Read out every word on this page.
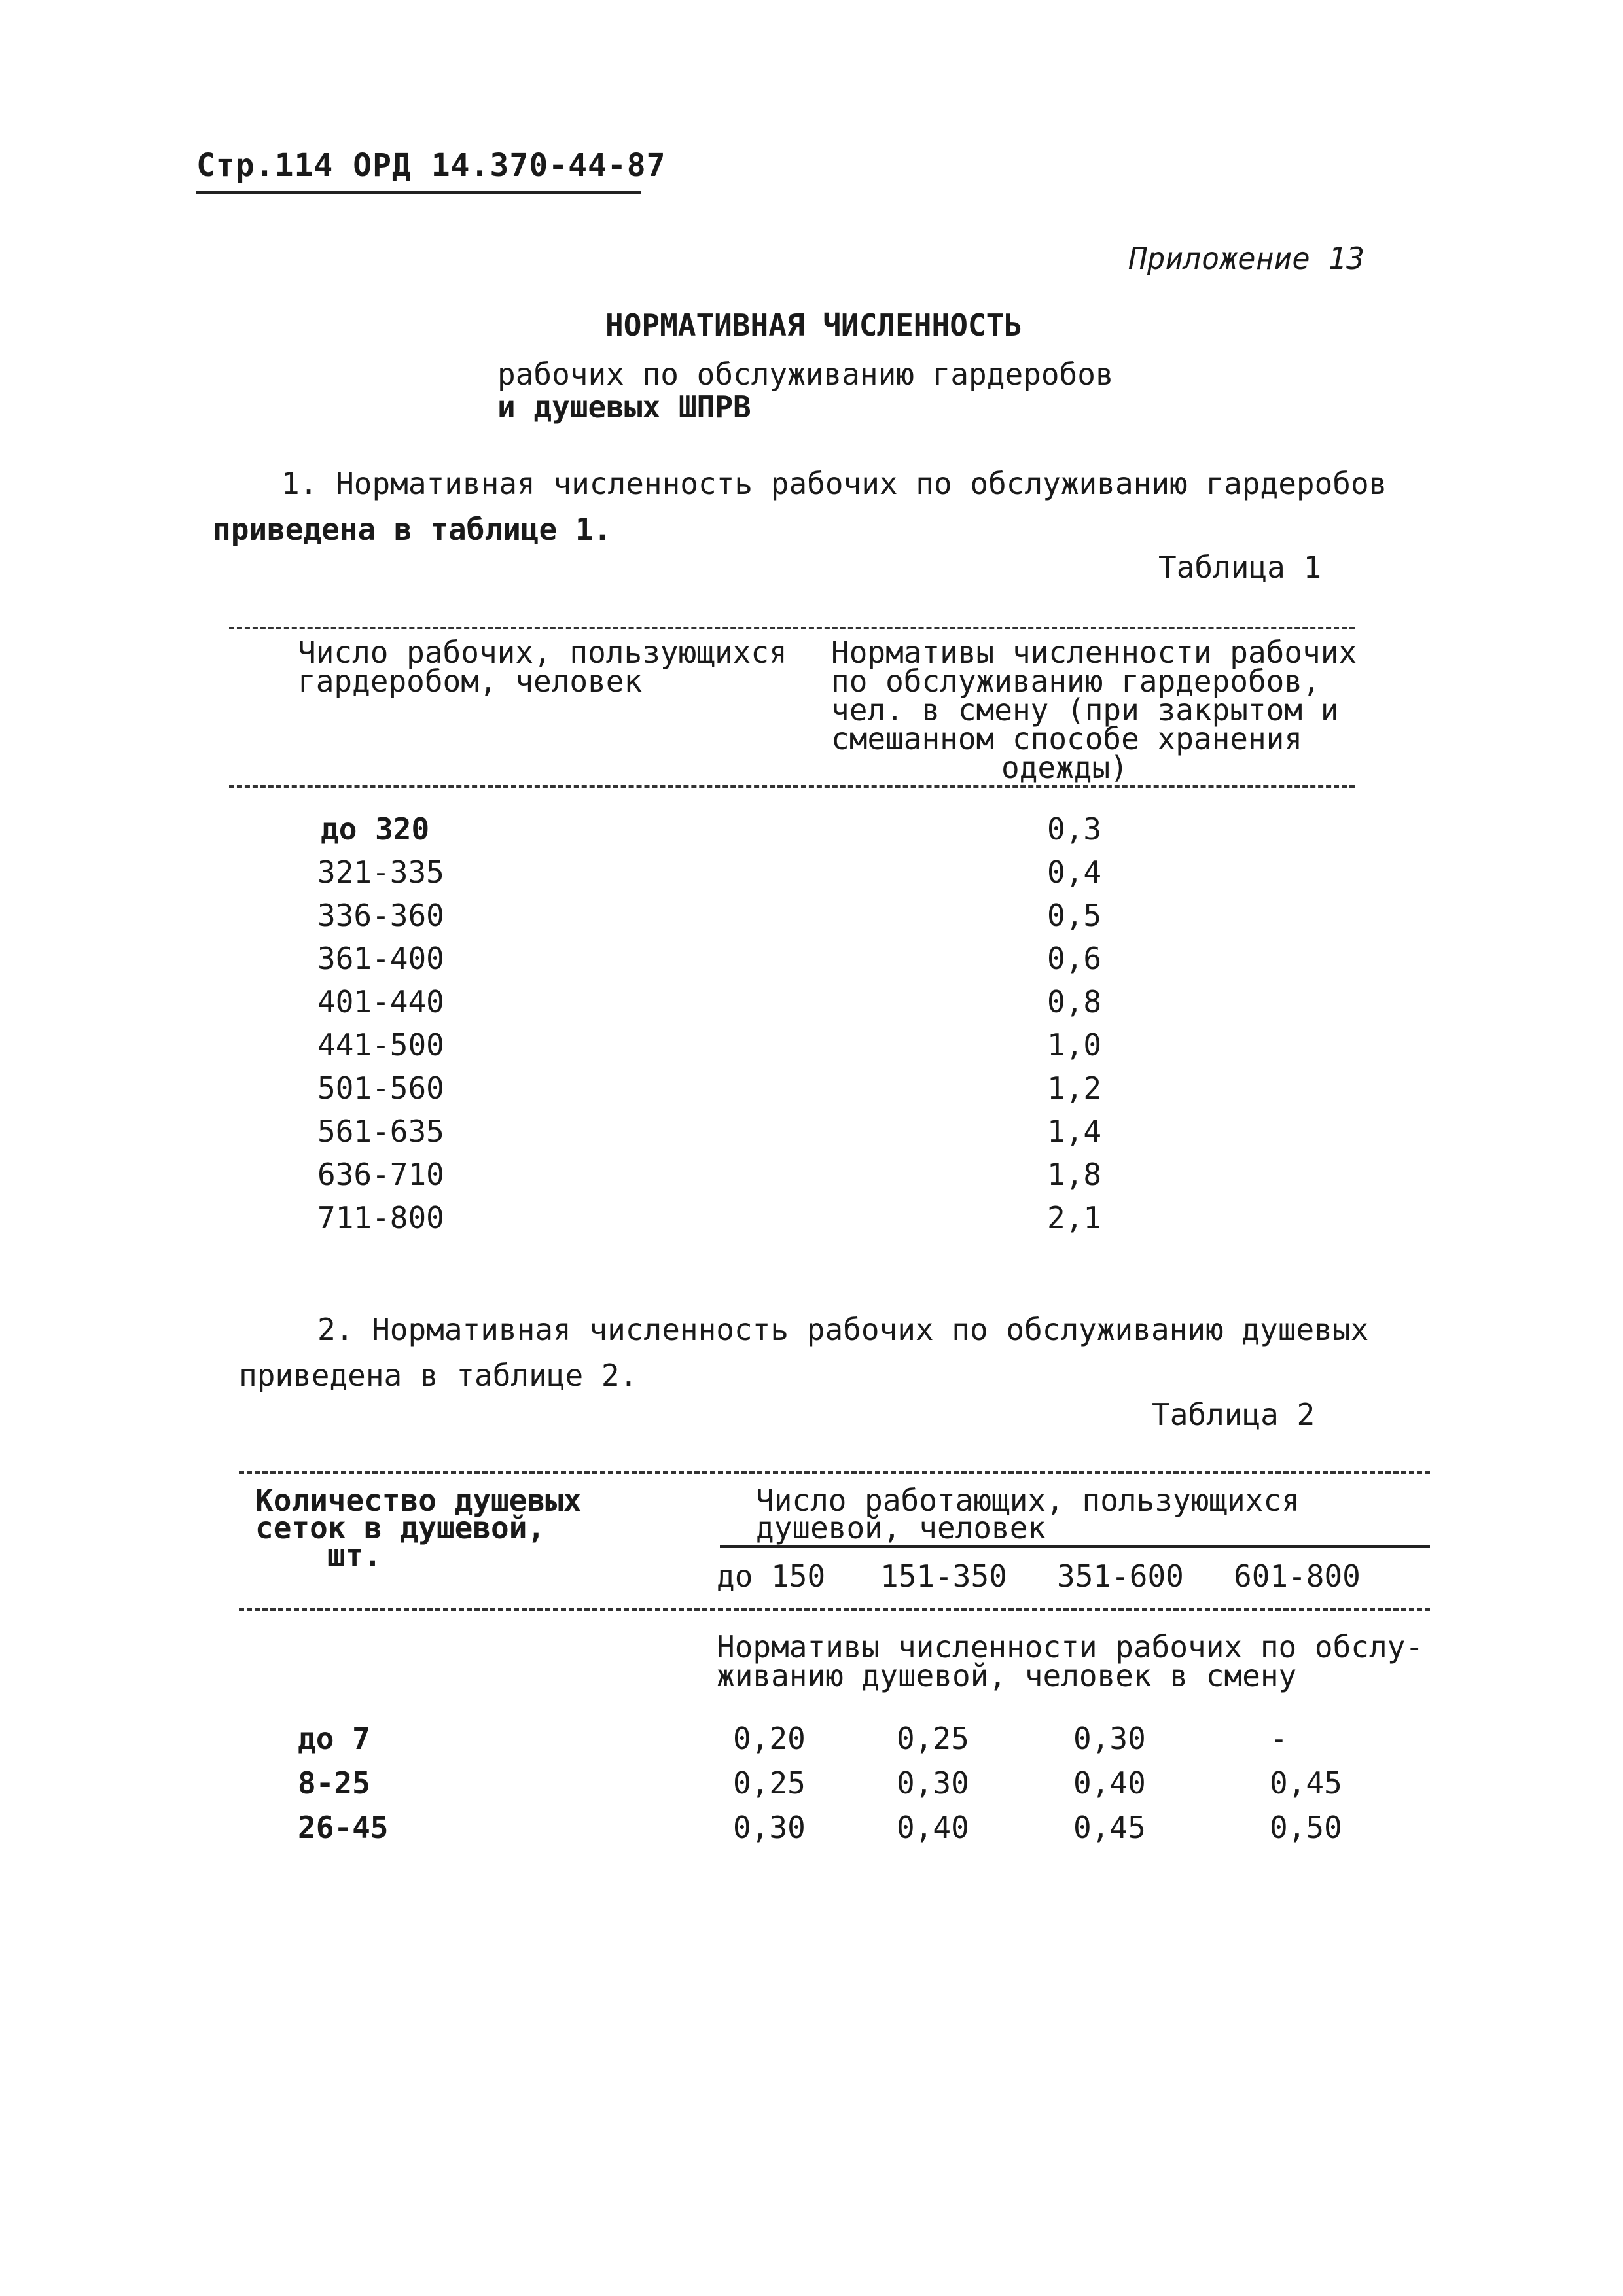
Стр.114 ОРД 14.370-44-87
Приложение 13
НОРМАТИВНАЯ ЧИСЛЕННОСТЬ
рабочих по обслуживанию гардеробов
и душевых ШПРВ
1. Нормативная численность рабочих по обслуживанию гардеробов
приведена в таблице 1.
Таблица 1
Число рабочих, пользующихся
гардеробом, человек
Нормативы численности рабочих
по обслуживанию гардеробов,
чел. в смену (при закрытом и
смешанном способе хранения
одежды)
до 320	0,3
321-335	0,4
336-360	0,5
361-400	0,6
401-440	0,8
441-500	1,0
501-560	1,2
561-635	1,4
636-710	1,8
711-800	2,1
2. Нормативная численность рабочих по обслуживанию душевых
приведена в таблице 2.
Таблица 2
Количество душевых
сеток в душевой,
шт.
Число работающих, пользующихся
душевой, человек
до 150 151-350 351-600 601-800
Нормативы численности рабочих по обслу-
живанию душевой, человек в смену
до 7	0,20	0,25	0,30	-
8-25	0,25	0,30	0,40	0,45
26-45	0,30	0,40	0,45	0,50
